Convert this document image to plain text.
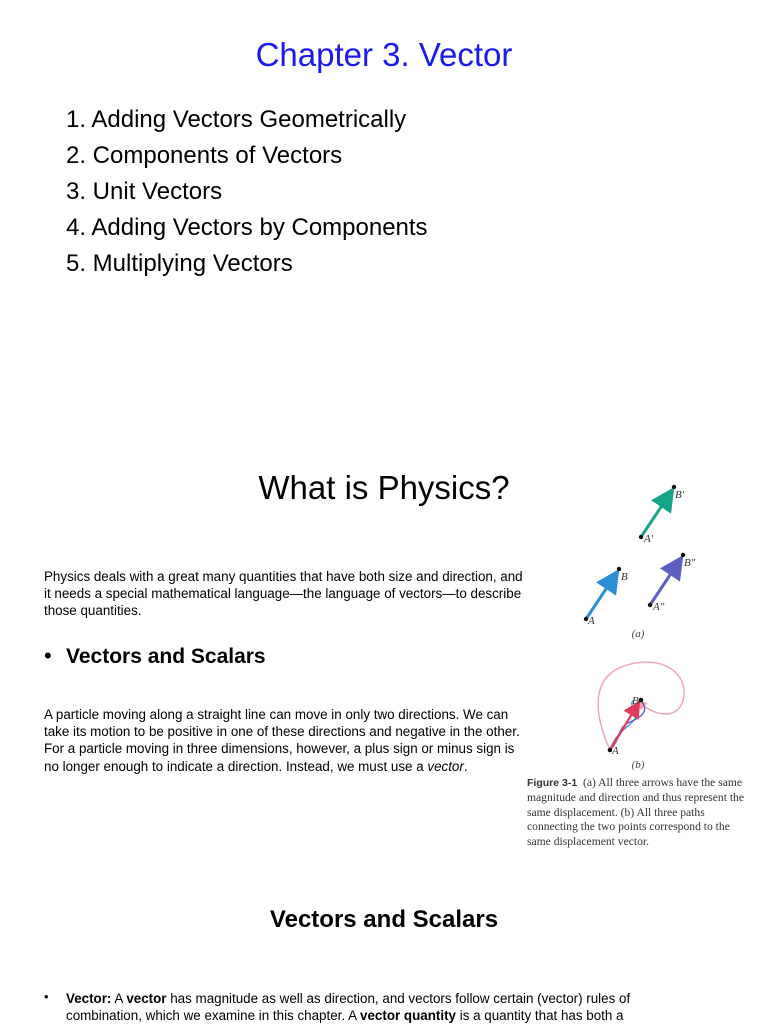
Chapter 3. Vector
1. Adding Vectors Geometrically
2. Components of Vectors
3. Unit Vectors
4. Adding Vectors by Components
5. Multiplying Vectors
What is Physics?
Physics deals with a great many quantities that have both size and direction, and it needs a special mathematical language—the language of vectors—to describe those quantities.
• Vectors and Scalars
A particle moving along a straight line can move in only two directions. We can take its motion to be positive in one of these directions and negative in the other. For a particle moving in three dimensions, however, a plus sign or minus sign is no longer enough to indicate a direction. Instead, we must use a vector.
B′
A′
B
A
B″
A″
(a)
B
A
(b)
Figure 3-1 (a) All three arrows have the same magnitude and direction and thus represent the same displacement. (b) All three paths connecting the two points correspond to the same displacement vector.
Vectors and Scalars
• Vector: A vector has magnitude as well as direction, and vectors follow certain (vector) rules of combination, which we examine in this chapter. A vector quantity is a quantity that has both a
